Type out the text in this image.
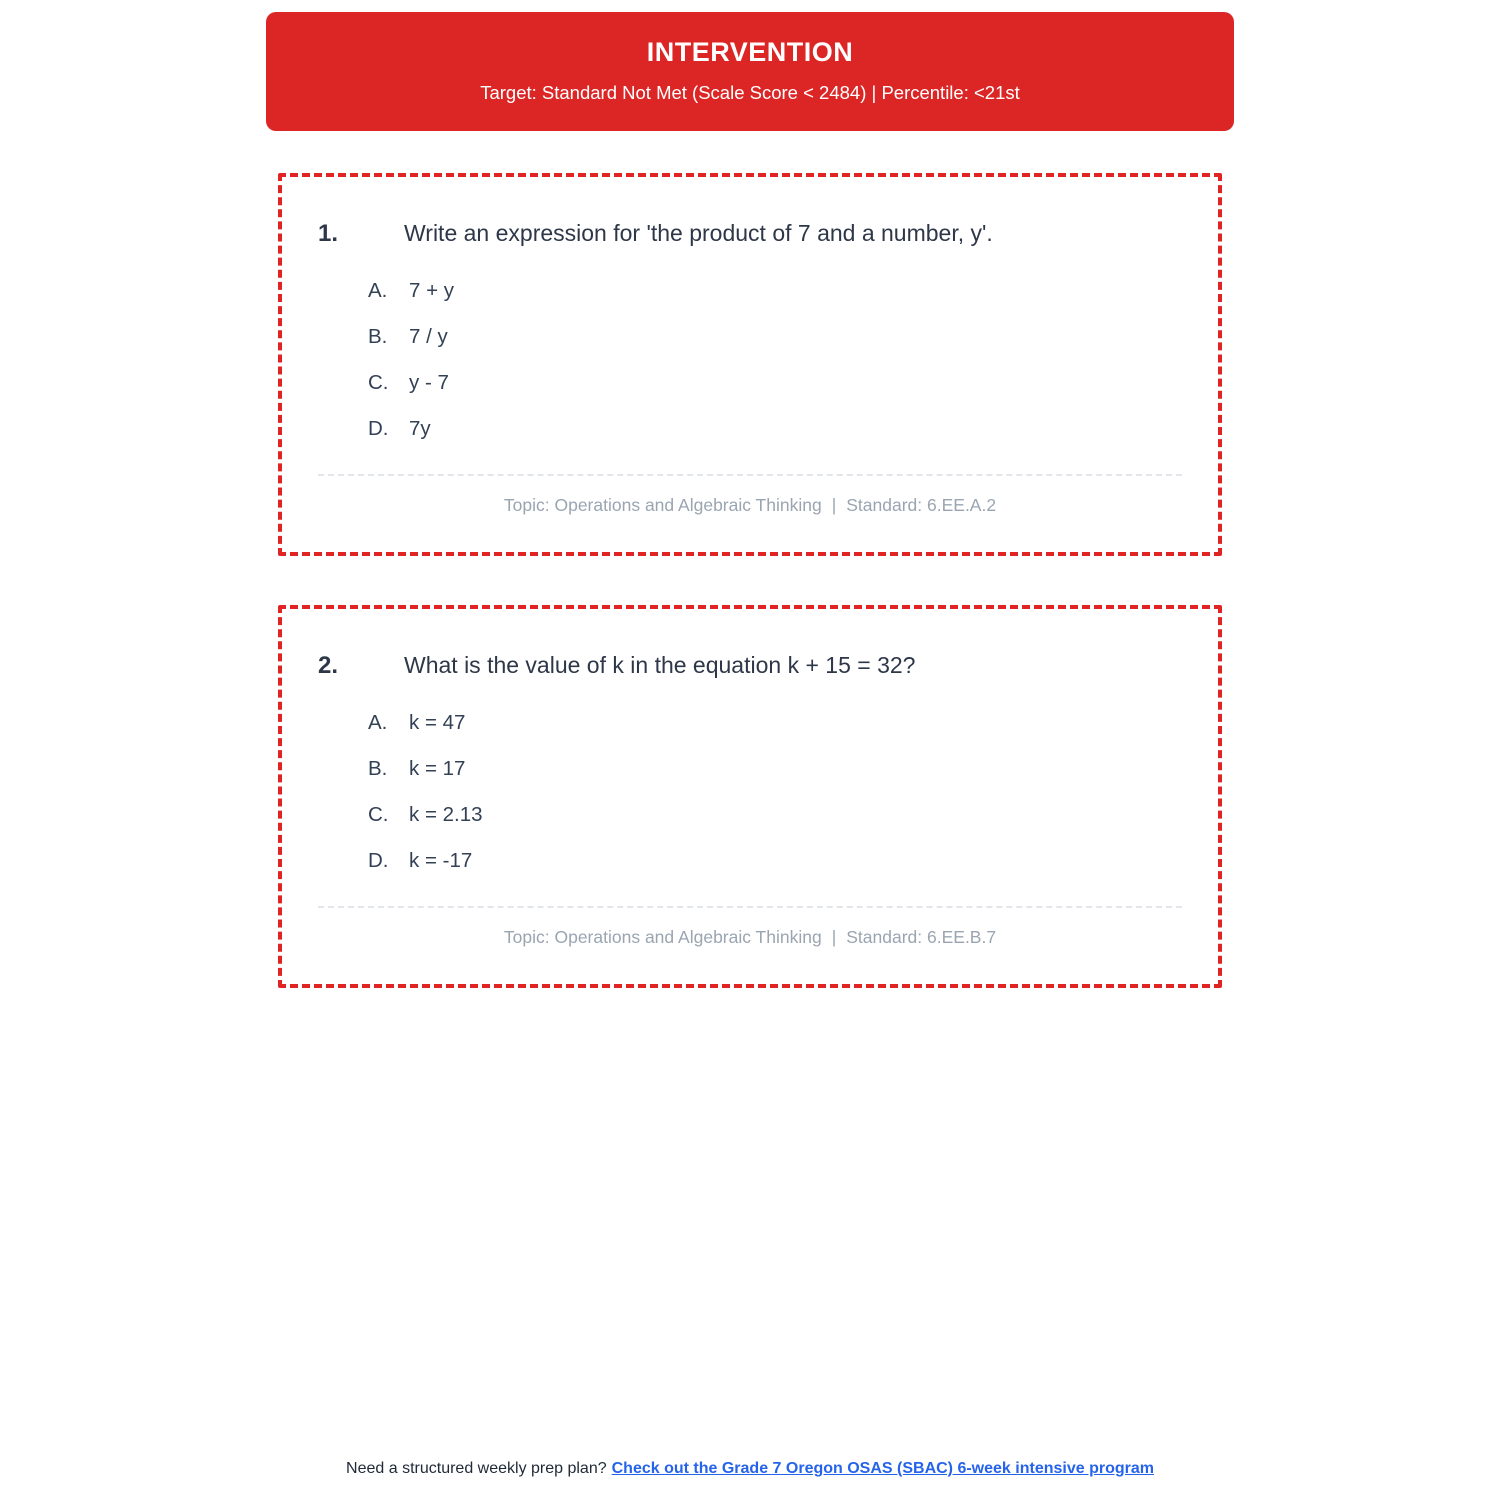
INTERVENTION
Target: Standard Not Met (Scale Score < 2484) | Percentile: <21st
1.	Write an expression for 'the product of 7 and a number, y'.
A.	7 + y
B.	7 / y
C.	y - 7
D.	7y
Topic: Operations and Algebraic Thinking | Standard: 6.EE.A.2
2.	What is the value of k in the equation k + 15 = 32?
A.	k = 47
B.	k = 17
C.	k = 2.13
D.	k = -17
Topic: Operations and Algebraic Thinking | Standard: 6.EE.B.7
Need a structured weekly prep plan? Check out the Grade 7 Oregon OSAS (SBAC) 6-week intensive program
